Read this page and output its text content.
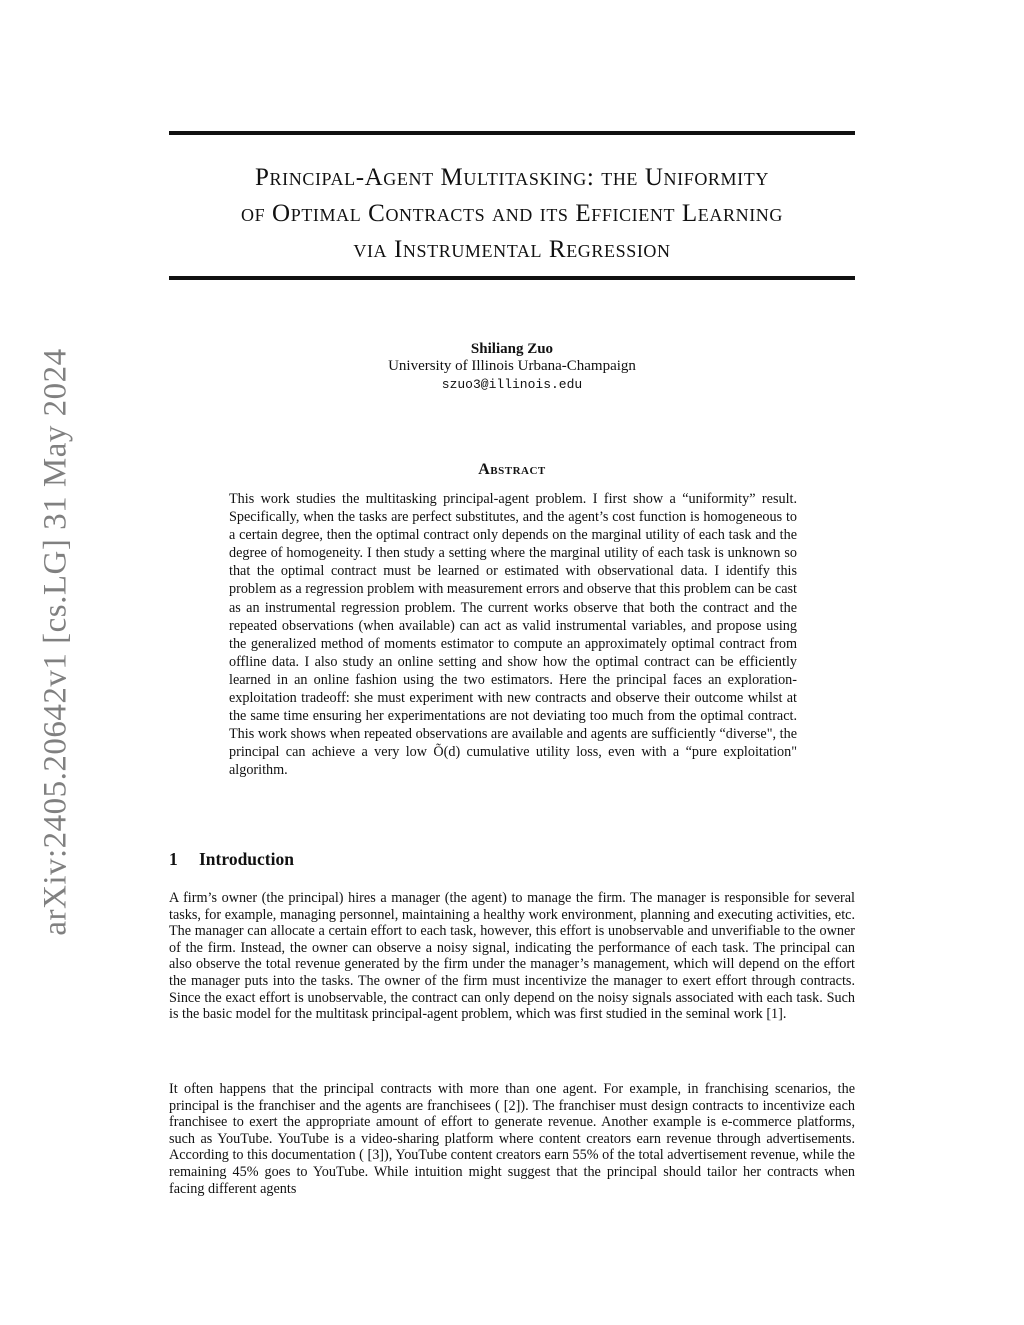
arXiv:2405.20642v1 [cs.LG] 31 May 2024
Principal-Agent Multitasking: the Uniformity
of Optimal Contracts and its Efficient Learning
via Instrumental Regression
Shiliang Zuo
University of Illinois Urbana-Champaign
szuo3@illinois.edu
Abstract
This work studies the multitasking principal-agent problem. I first show a “uniformity” result. Specifically, when the tasks are perfect substitutes, and the agent’s cost function is homogeneous to a certain degree, then the optimal contract only depends on the marginal utility of each task and the degree of homogeneity. I then study a setting where the marginal utility of each task is unknown so that the optimal contract must be learned or estimated with observational data. I identify this problem as a regression problem with measurement errors and observe that this problem can be cast as an instrumental regression problem. The current works observe that both the contract and the repeated observations (when available) can act as valid instrumental variables, and propose using the generalized method of moments estimator to compute an approximately optimal contract from offline data. I also study an online setting and show how the optimal contract can be efficiently learned in an online fashion using the two estimators. Here the principal faces an exploration-exploitation tradeoff: she must experiment with new contracts and observe their outcome whilst at the same time ensuring her experimentations are not deviating too much from the optimal contract. This work shows when repeated observations are available and agents are sufficiently “diverse", the principal can achieve a very low Õ(d) cumulative utility loss, even with a “pure exploitation" algorithm.
1 Introduction

A firm’s owner (the principal) hires a manager (the agent) to manage the firm. The manager is responsible for several tasks, for example, managing personnel, maintaining a healthy work environment, planning and executing activities, etc. The manager can allocate a certain effort to each task, however, this effort is unobservable and unverifiable to the owner of the firm. Instead, the owner can observe a noisy signal, indicating the performance of each task. The principal can also observe the total revenue generated by the firm under the manager’s management, which will depend on the effort the manager puts into the tasks. The owner of the firm must incentivize the manager to exert effort through contracts. Since the exact effort is unobservable, the contract can only depend on the noisy signals associated with each task. Such is the basic model for the multitask principal-agent problem, which was first studied in the seminal work [1].

It often happens that the principal contracts with more than one agent. For example, in franchising scenarios, the principal is the franchiser and the agents are franchisees ( [2]). The franchiser must design contracts to incentivize each franchisee to exert the appropriate amount of effort to generate revenue. Another example is e-commerce platforms, such as YouTube. YouTube is a video-sharing platform where content creators earn revenue through advertisements. According to this documentation ( [3]), YouTube content creators earn 55% of the total advertisement revenue, while the remaining 45% goes to YouTube. While intuition might suggest that the principal should tailor her contracts when facing different agents
